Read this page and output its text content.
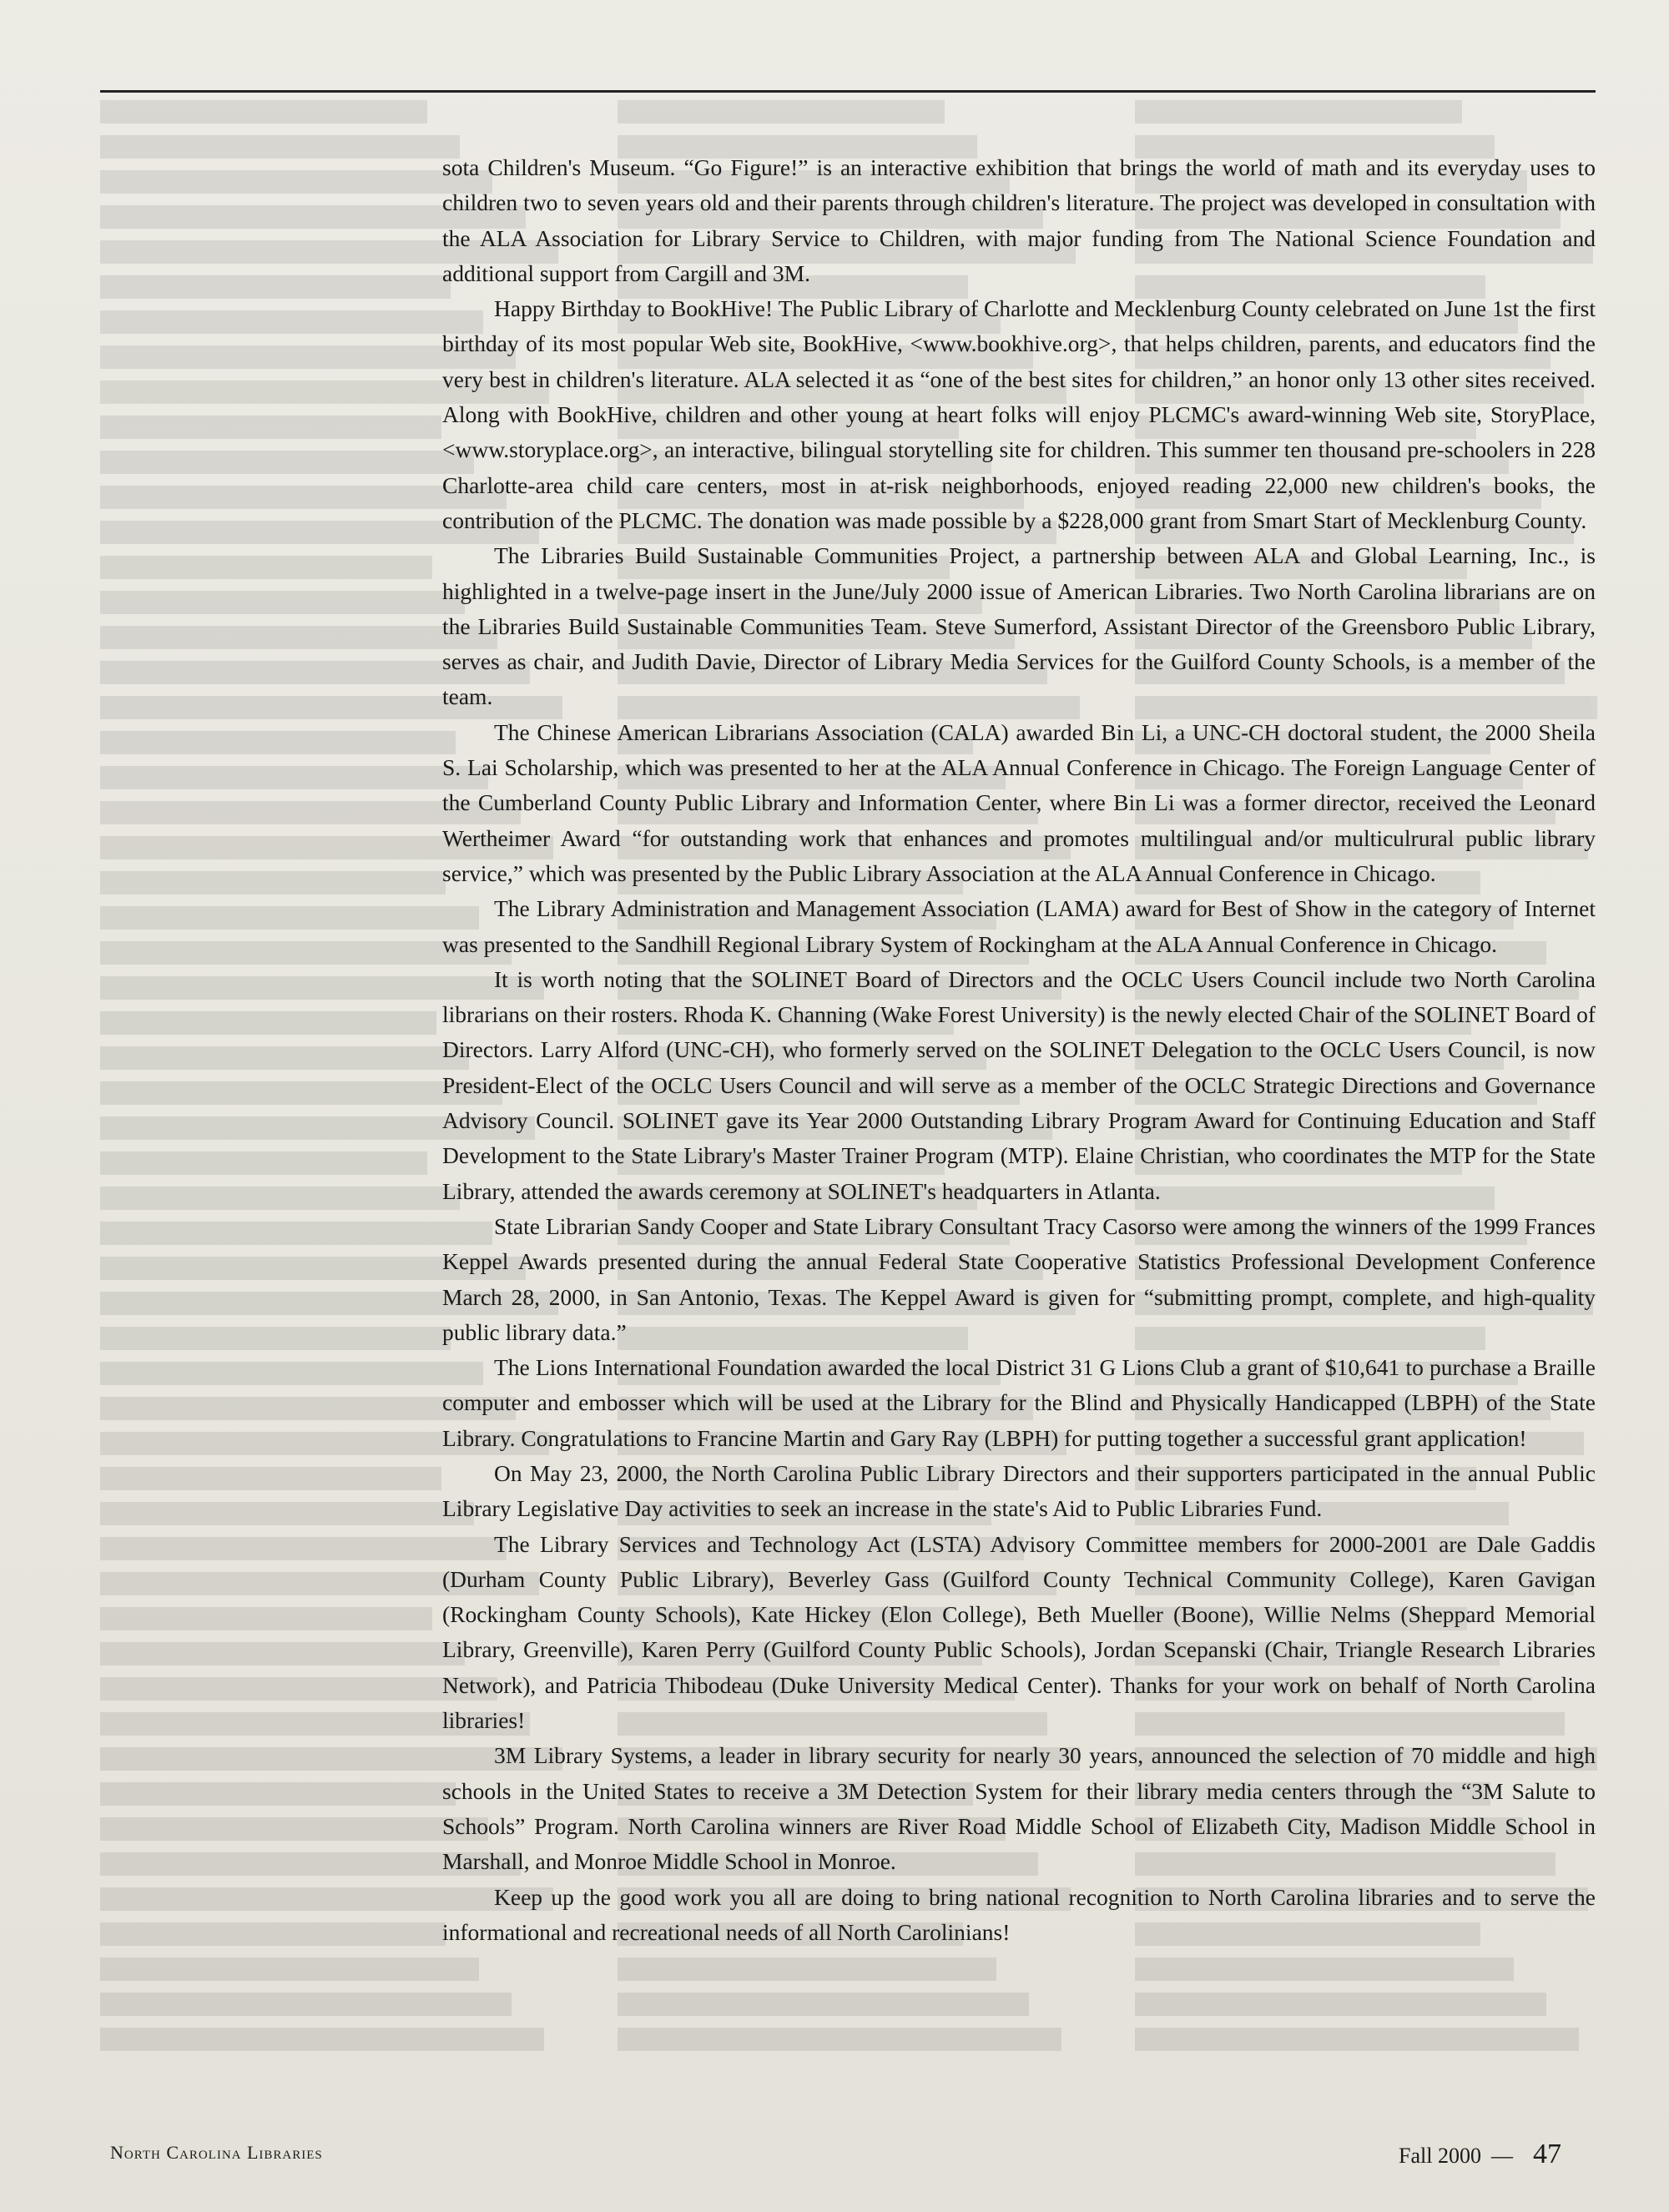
sota Children's Museum. “Go Figure!” is an interactive exhibition that brings the world of math and its everyday uses to children two to seven years old and their parents through children's literature. The project was developed in consultation with the ALA Association for Library Service to Children, with major funding from The National Science Foundation and additional support from Cargill and 3M.

Happy Birthday to BookHive! The Public Library of Charlotte and Mecklenburg County celebrated on June 1st the first birthday of its most popular Web site, BookHive, <www.bookhive.org>, that helps children, parents, and educators find the very best in children's literature. ALA selected it as “one of the best sites for children,” an honor only 13 other sites received. Along with BookHive, children and other young at heart folks will enjoy PLCMC's award-winning Web site, StoryPlace, <www.storyplace.org>, an interactive, bilingual storytelling site for children. This summer ten thousand pre-schoolers in 228 Charlotte-area child care centers, most in at-risk neighborhoods, enjoyed reading 22,000 new children's books, the contribution of the PLCMC. The donation was made possible by a $228,000 grant from Smart Start of Mecklenburg County.

The Libraries Build Sustainable Communities Project, a partnership between ALA and Global Learning, Inc., is highlighted in a twelve-page insert in the June/July 2000 issue of American Libraries. Two North Carolina librarians are on the Libraries Build Sustainable Communities Team. Steve Sumerford, Assistant Director of the Greensboro Public Library, serves as chair, and Judith Davie, Director of Library Media Services for the Guilford County Schools, is a member of the team.

The Chinese American Librarians Association (CALA) awarded Bin Li, a UNC-CH doctoral student, the 2000 Sheila S. Lai Scholarship, which was presented to her at the ALA Annual Conference in Chicago. The Foreign Language Center of the Cumberland County Public Library and Information Center, where Bin Li was a former director, received the Leonard Wertheimer Award “for outstanding work that enhances and promotes multilingual and/or multiculrural public library service,” which was presented by the Public Library Association at the ALA Annual Conference in Chicago.

The Library Administration and Management Association (LAMA) award for Best of Show in the category of Internet was presented to the Sandhill Regional Library System of Rockingham at the ALA Annual Conference in Chicago.

It is worth noting that the SOLINET Board of Directors and the OCLC Users Council include two North Carolina librarians on their rosters. Rhoda K. Channing (Wake Forest University) is the newly elected Chair of the SOLINET Board of Directors. Larry Alford (UNC-CH), who formerly served on the SOLINET Delegation to the OCLC Users Council, is now President-Elect of the OCLC Users Council and will serve as a member of the OCLC Strategic Directions and Governance Advisory Council. SOLINET gave its Year 2000 Outstanding Library Program Award for Continuing Education and Staff Development to the State Library's Master Trainer Program (MTP). Elaine Christian, who coordinates the MTP for the State Library, attended the awards ceremony at SOLINET's headquarters in Atlanta.

State Librarian Sandy Cooper and State Library Consultant Tracy Casorso were among the winners of the 1999 Frances Keppel Awards presented during the annual Federal State Cooperative Statistics Professional Development Conference March 28, 2000, in San Antonio, Texas. The Keppel Award is given for “submitting prompt, complete, and high-quality public library data.”

The Lions International Foundation awarded the local District 31 G Lions Club a grant of $10,641 to purchase a Braille computer and embosser which will be used at the Library for the Blind and Physically Handicapped (LBPH) of the State Library. Congratulations to Francine Martin and Gary Ray (LBPH) for putting together a successful grant application!

On May 23, 2000, the North Carolina Public Library Directors and their supporters participated in the annual Public Library Legislative Day activities to seek an increase in the state's Aid to Public Libraries Fund.

The Library Services and Technology Act (LSTA) Advisory Committee members for 2000-2001 are Dale Gaddis (Durham County Public Library), Beverley Gass (Guilford County Technical Community College), Karen Gavigan (Rockingham County Schools), Kate Hickey (Elon College), Beth Mueller (Boone), Willie Nelms (Sheppard Memorial Library, Greenville), Karen Perry (Guilford County Public Schools), Jordan Scepanski (Chair, Triangle Research Libraries Network), and Patricia Thibodeau (Duke University Medical Center). Thanks for your work on behalf of North Carolina libraries!

3M Library Systems, a leader in library security for nearly 30 years, announced the selection of 70 middle and high schools in the United States to receive a 3M Detection System for their library media centers through the “3M Salute to Schools” Program. North Carolina winners are River Road Middle School of Elizabeth City, Madison Middle School in Marshall, and Monroe Middle School in Monroe.

Keep up the good work you all are doing to bring national recognition to North Carolina libraries and to serve the informational and recreational needs of all North Carolinians!

North Carolina Libraries	Fall 2000 — 47
